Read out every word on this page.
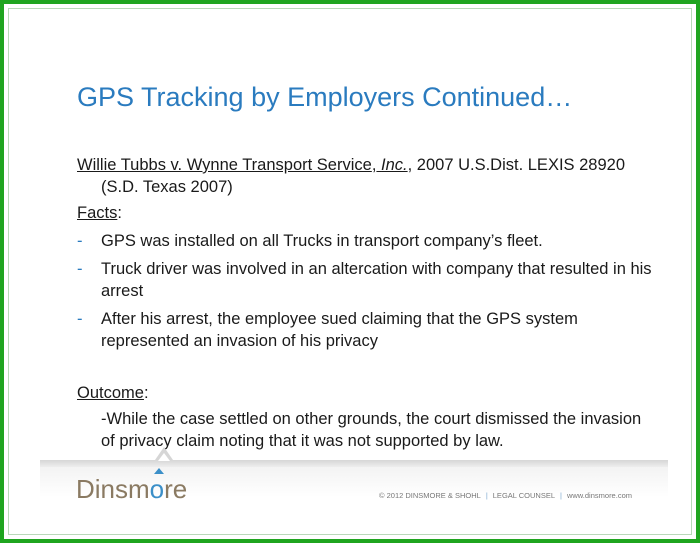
GPS Tracking by Employers Continued…

Willie Tubbs v. Wynne Transport Service, Inc., 2007 U.S.Dist. LEXIS 28920 (S.D. Texas 2007)

Facts:

- GPS was installed on all Trucks in transport company’s fleet.
- Truck driver was involved in an altercation with company that resulted in his arrest
- After his arrest, the employee sued claiming that the GPS system represented an invasion of his privacy

Outcome:

-While the case settled on other grounds, the court dismissed the invasion of privacy claim noting that it was not supported by law.

Dinsmore	© 2012 DINSMORE & SHOHL | LEGAL COUNSEL | www.dinsmore.com
